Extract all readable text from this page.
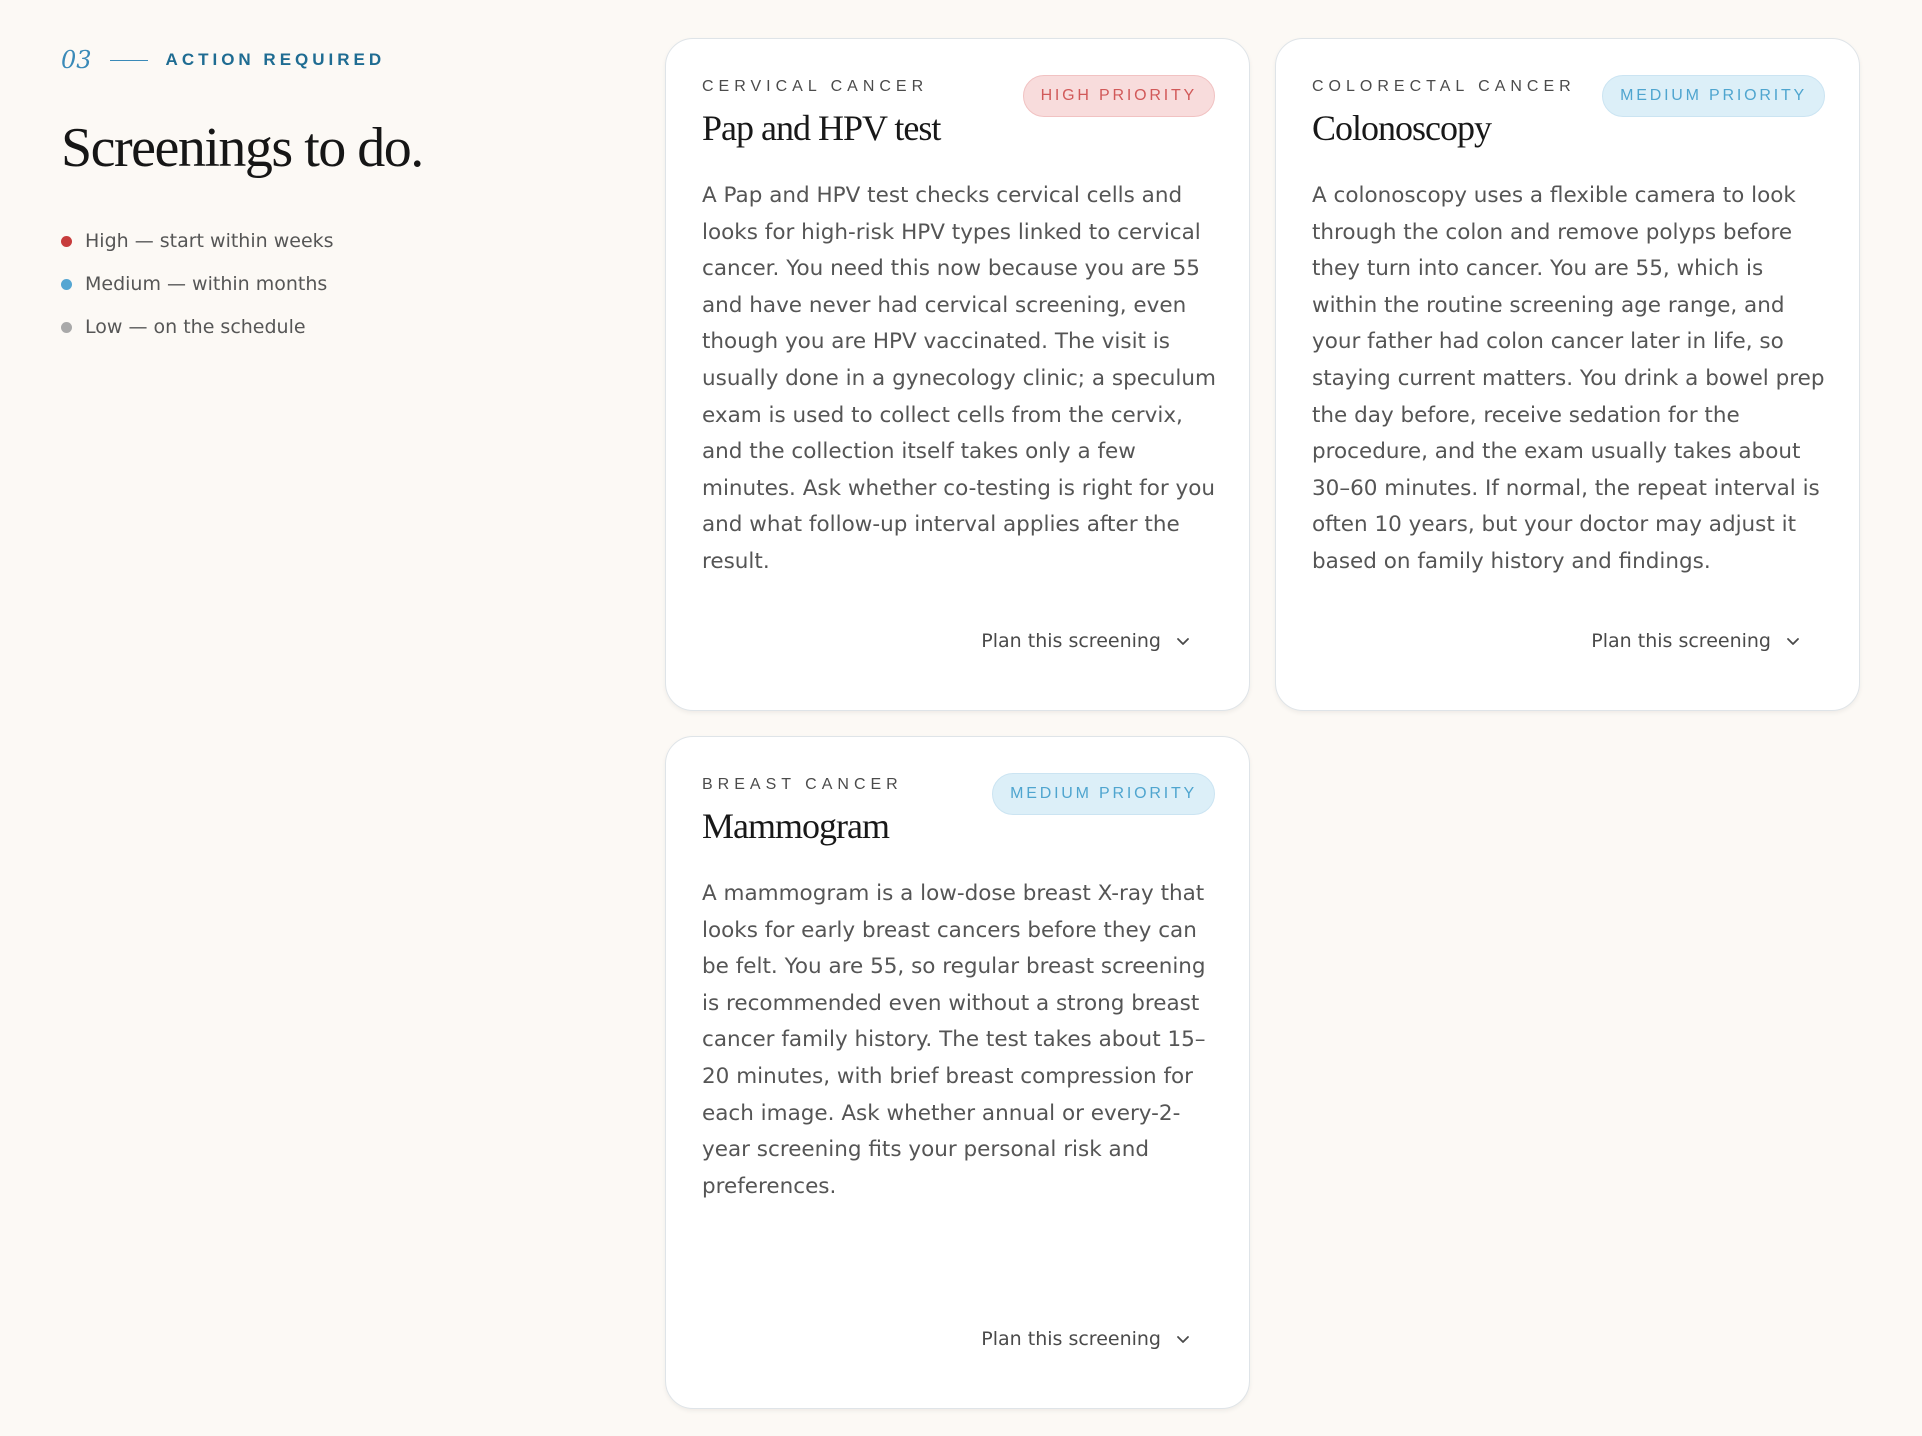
03	ACTION REQUIRED
Screenings to do.
High — start within weeks
Medium — within months
Low — on the schedule
CERVICAL CANCER
Pap and HPV test
HIGH PRIORITY

A Pap and HPV test checks cervical cells and looks for high-risk HPV types linked to cervical cancer. You need this now because you are 55 and have never had cervical screening, even though you are HPV vaccinated. The visit is usually done in a gynecology clinic; a speculum exam is used to collect cells from the cervix, and the collection itself takes only a few minutes. Ask whether co-testing is right for you and what follow-up interval applies after the result.

Plan this screening
COLORECTAL CANCER
Colonoscopy
MEDIUM PRIORITY

A colonoscopy uses a flexible camera to look through the colon and remove polyps before they turn into cancer. You are 55, which is within the routine screening age range, and your father had colon cancer later in life, so staying current matters. You drink a bowel prep the day before, receive sedation for the procedure, and the exam usually takes about 30–60 minutes. If normal, the repeat interval is often 10 years, but your doctor may adjust it based on family history and findings.

Plan this screening
BREAST CANCER
Mammogram
MEDIUM PRIORITY

A mammogram is a low-dose breast X-ray that looks for early breast cancers before they can be felt. You are 55, so regular breast screening is recommended even without a strong breast cancer family history. The test takes about 15–20 minutes, with brief breast compression for each image. Ask whether annual or every-2-year screening fits your personal risk and preferences.

Plan this screening
